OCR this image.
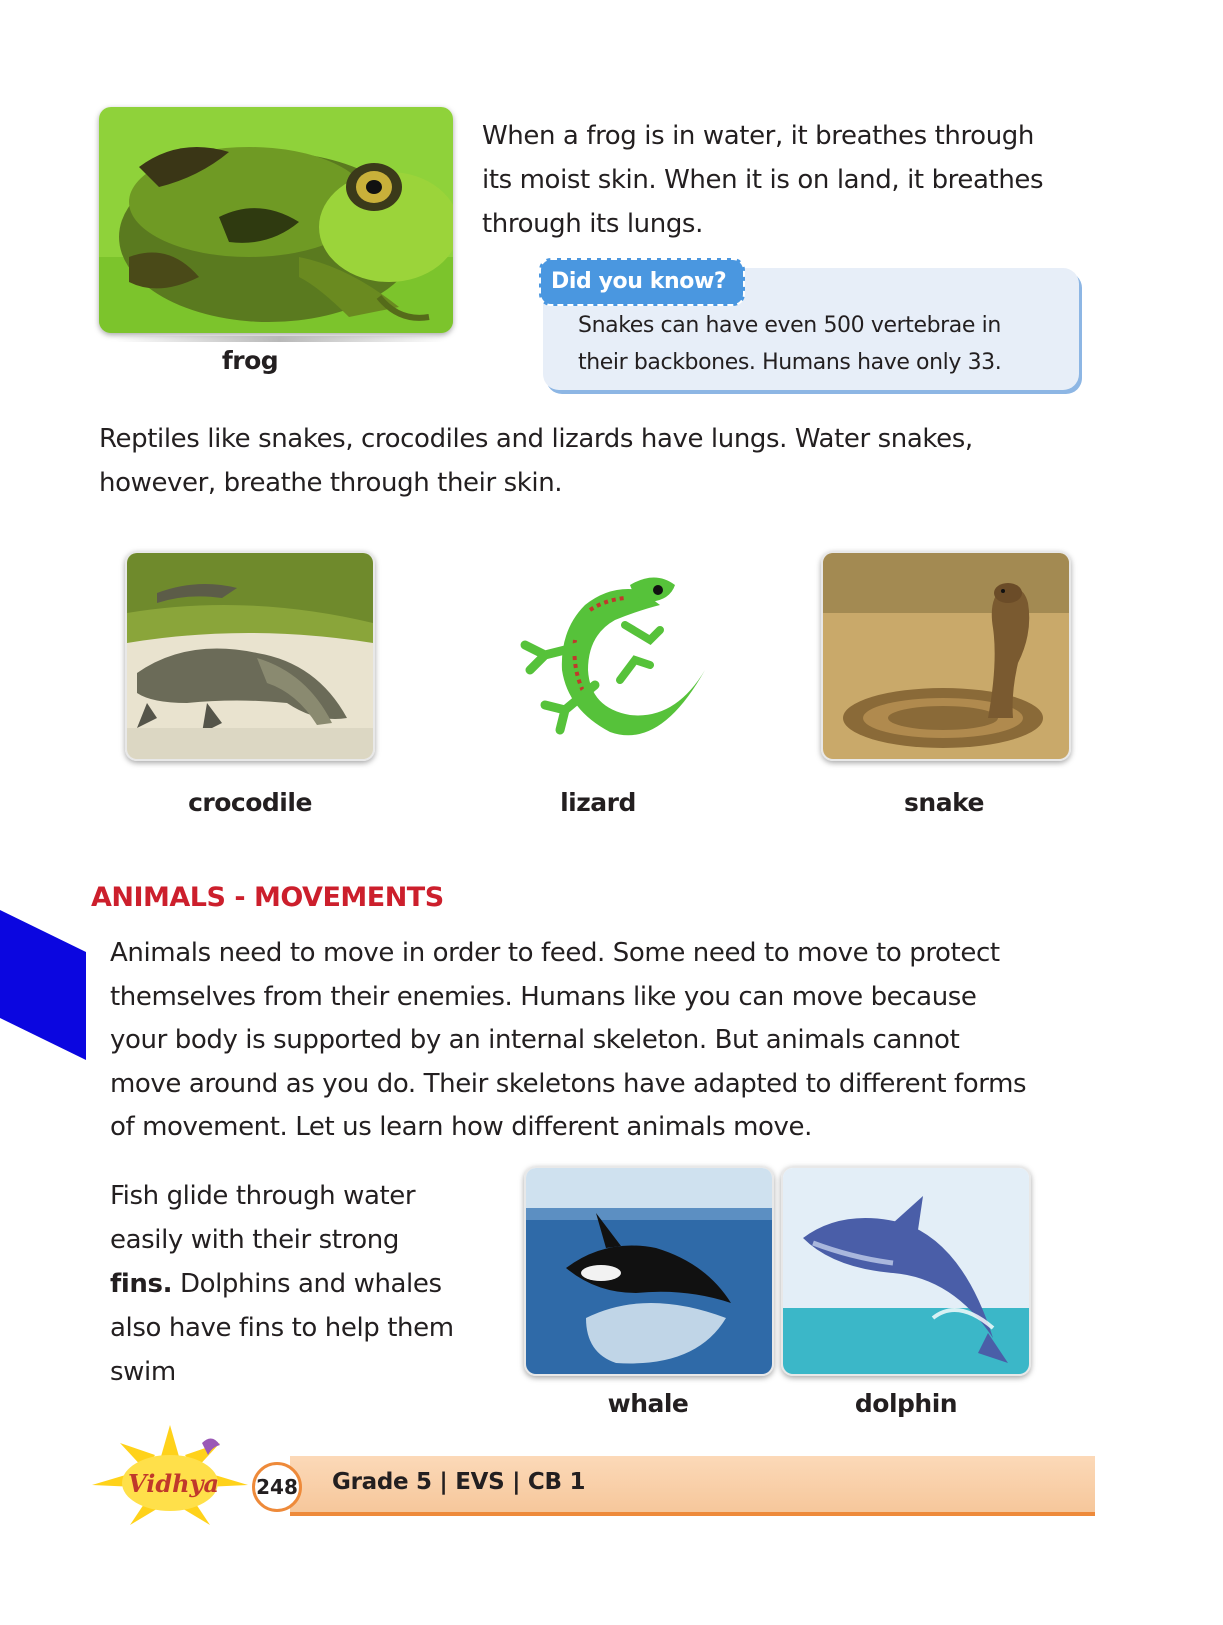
frog

When a frog is in water, it breathes through
its moist skin. When it is on land, it breathes
through its lungs.

Did you know?

Snakes can have even 500 vertebrae in
their backbones. Humans have only 33.

Reptiles like snakes, crocodiles and lizards have lungs. Water snakes,
however, breathe through their skin.

crocodile	lizard	snake
ANIMALS - MOVEMENTS

Animals need to move in order to feed. Some need to move to protect
themselves from their enemies. Humans like you can move because
your body is supported by an internal skeleton. But animals cannot
move around as you do. Their skeletons have adapted to different forms
of movement. Let us learn how different animals move.

Fish glide through water
easily with their strong
fins. Dolphins and whales
also have fins to help them
swim

whale	dolphin
248 Grade 5 | EVS | CB 1
Vidhya
